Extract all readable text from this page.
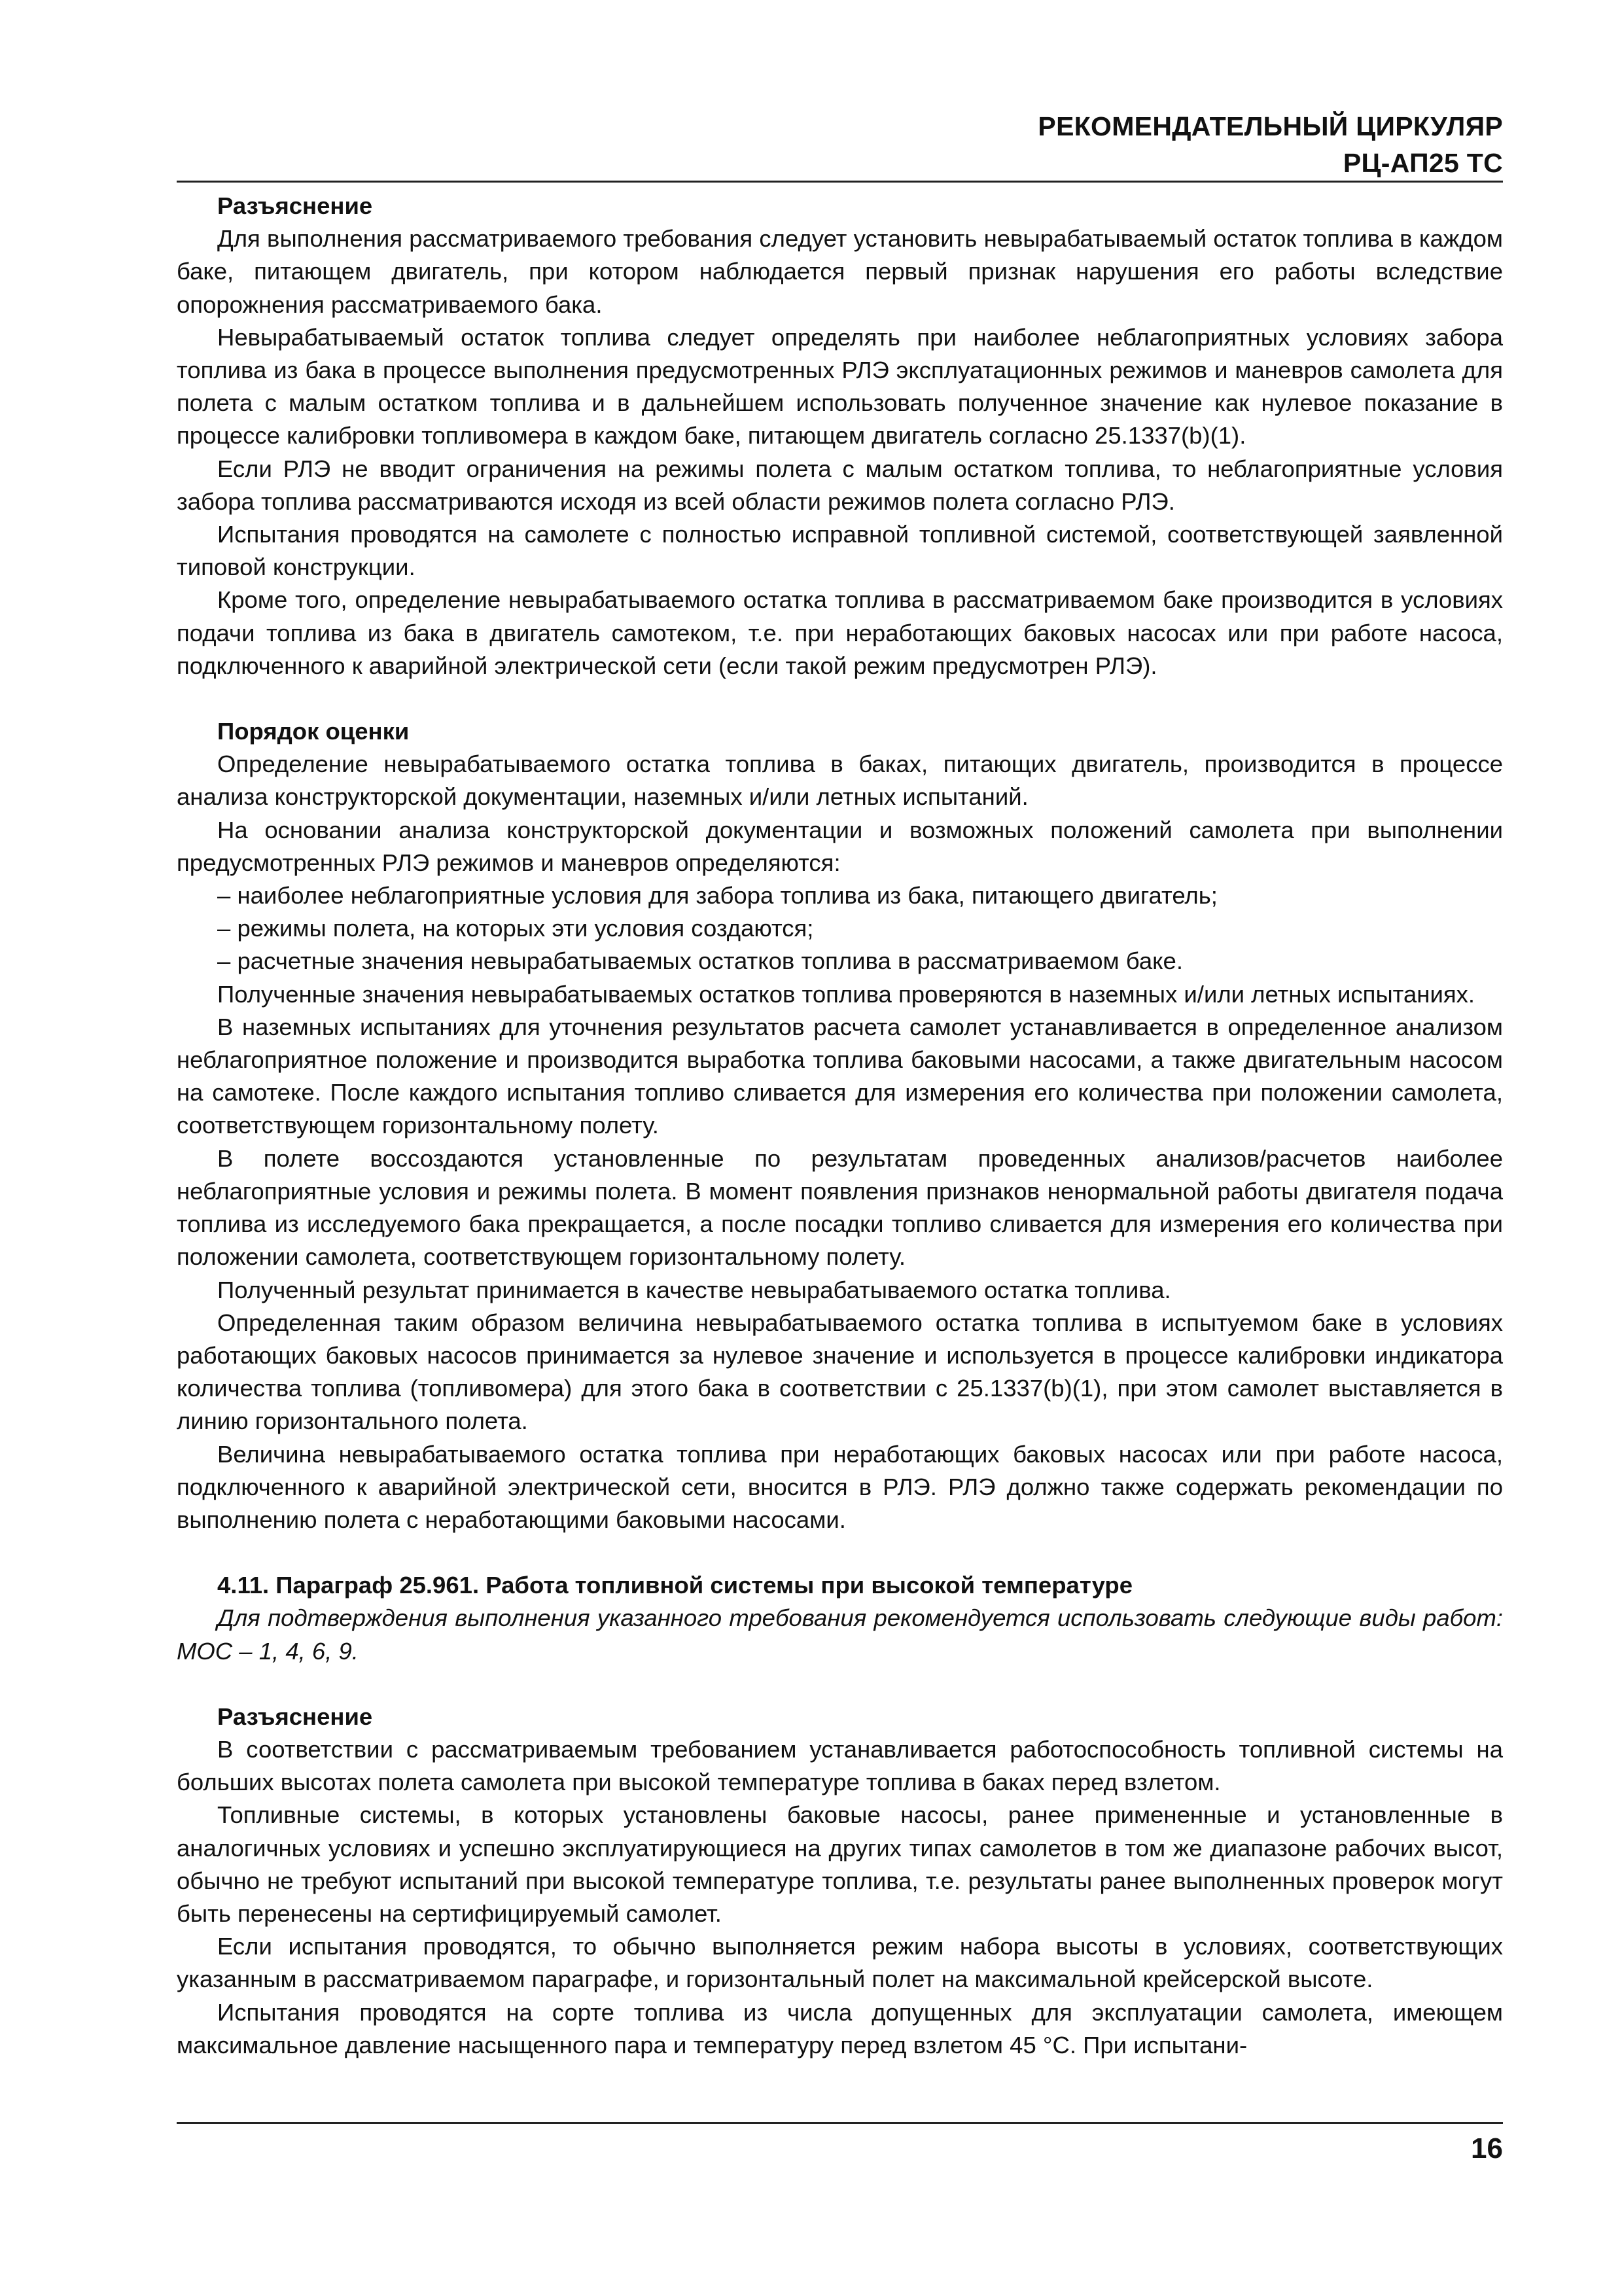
РЕКОМЕНДАТЕЛЬНЫЙ ЦИРКУЛЯР
РЦ-АП25 ТС

Разъяснение

Для выполнения рассматриваемого требования следует установить невырабатываемый остаток топлива в каждом баке, питающем двигатель, при котором наблюдается первый признак нарушения его работы вследствие опорожнения рассматриваемого бака.

Невырабатываемый остаток топлива следует определять при наиболее неблагоприятных условиях забора топлива из бака в процессе выполнения предусмотренных РЛЭ эксплуатационных режимов и маневров самолета для полета с малым остатком топлива и в дальнейшем использовать полученное значение как нулевое показание в процессе калибровки топливомера в каждом баке, питающем двигатель согласно 25.1337(b)(1).

Если РЛЭ не вводит ограничения на режимы полета с малым остатком топлива, то неблагоприятные условия забора топлива рассматриваются исходя из всей области режимов полета согласно РЛЭ.

Испытания проводятся на самолете с полностью исправной топливной системой, соответствующей заявленной типовой конструкции.

Кроме того, определение невырабатываемого остатка топлива в рассматриваемом баке производится в условиях подачи топлива из бака в двигатель самотеком, т.е. при неработающих баковых насосах или при работе насоса, подключенного к аварийной электрической сети (если такой режим предусмотрен РЛЭ).

Порядок оценки

Определение невырабатываемого остатка топлива в баках, питающих двигатель, производится в процессе анализа конструкторской документации, наземных и/или летных испытаний.

На основании анализа конструкторской документации и возможных положений самолета при выполнении предусмотренных РЛЭ режимов и маневров определяются:

– наиболее неблагоприятные условия для забора топлива из бака, питающего двигатель;

– режимы полета, на которых эти условия создаются;

– расчетные значения невырабатываемых остатков топлива в рассматриваемом баке.

Полученные значения невырабатываемых остатков топлива проверяются в наземных и/или летных испытаниях.

В наземных испытаниях для уточнения результатов расчета самолет устанавливается в определенное анализом неблагоприятное положение и производится выработка топлива баковыми насосами, а также двигательным насосом на самотеке. После каждого испытания топливо сливается для измерения его количества при положении самолета, соответствующем горизонтальному полету.

В полете воссоздаются установленные по результатам проведенных анализов/расчетов наиболее неблагоприятные условия и режимы полета. В момент появления признаков ненормальной работы двигателя подача топлива из исследуемого бака прекращается, а после посадки топливо сливается для измерения его количества при положении самолета, соответствующем горизонтальному полету.

Полученный результат принимается в качестве невырабатываемого остатка топлива.

Определенная таким образом величина невырабатываемого остатка топлива в испытуемом баке в условиях работающих баковых насосов принимается за нулевое значение и используется в процессе калибровки индикатора количества топлива (топливомера) для этого бака в соответствии с 25.1337(b)(1), при этом самолет выставляется в линию горизонтального полета.

Величина невырабатываемого остатка топлива при неработающих баковых насосах или при работе насоса, подключенного к аварийной электрической сети, вносится в РЛЭ. РЛЭ должно также содержать рекомендации по выполнению полета с неработающими баковыми насосами.

4.11. Параграф 25.961. Работа топливной системы при высокой температуре

Для подтверждения выполнения указанного требования рекомендуется использовать следующие виды работ: МОС – 1, 4, 6, 9.

Разъяснение

В соответствии с рассматриваемым требованием устанавливается работоспособность топливной системы на больших высотах полета самолета при высокой температуре топлива в баках перед взлетом.

Топливные системы, в которых установлены баковые насосы, ранее примененные и установленные в аналогичных условиях и успешно эксплуатирующиеся на других типах самолетов в том же диапазоне рабочих высот, обычно не требуют испытаний при высокой температуре топлива, т.е. результаты ранее выполненных проверок могут быть перенесены на сертифицируемый самолет.

Если испытания проводятся, то обычно выполняется режим набора высоты в условиях, соответствующих указанным в рассматриваемом параграфе, и горизонтальный полет на максимальной крейсерской высоте.

Испытания проводятся на сорте топлива из числа допущенных для эксплуатации самолета, имеющем максимальное давление насыщенного пара и температуру перед взлетом 45 °С. При испытани-

16
